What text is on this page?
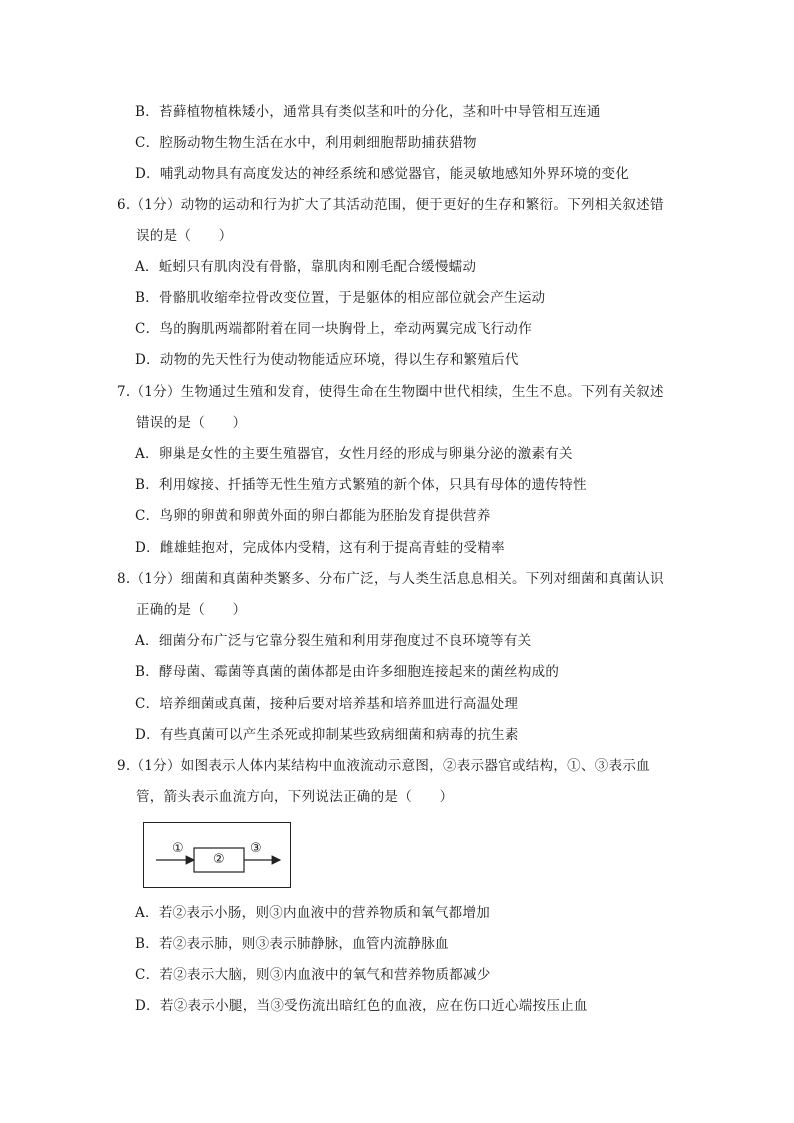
B．苔藓植物植株矮小，通常具有类似茎和叶的分化，茎和叶中导管相互连通
C．腔肠动物生物生活在水中，利用刺细胞帮助捕获猎物
D．哺乳动物具有高度发达的神经系统和感觉器官，能灵敏地感知外界环境的变化
6.（1分）动物的运动和行为扩大了其活动范围，便于更好的生存和繁衍。下列相关叙述错
误的是（　　）
A．蚯蚓只有肌肉没有骨骼，靠肌肉和刚毛配合缓慢蠕动
B．骨骼肌收缩牵拉骨改变位置，于是躯体的相应部位就会产生运动
C．鸟的胸肌两端都附着在同一块胸骨上，牵动两翼完成飞行动作
D．动物的先天性行为使动物能适应环境，得以生存和繁殖后代
7.（1分）生物通过生殖和发育，使得生命在生物圈中世代相续，生生不息。下列有关叙述
错误的是（　　）
A．卵巢是女性的主要生殖器官，女性月经的形成与卵巢分泌的激素有关
B．利用嫁接、扦插等无性生殖方式繁殖的新个体，只具有母体的遗传特性
C．鸟卵的卵黄和卵黄外面的卵白都能为胚胎发育提供营养
D．雌雄蛙抱对，完成体内受精，这有利于提高青蛙的受精率
8.（1分）细菌和真菌种类繁多、分布广泛，与人类生活息息相关。下列对细菌和真菌认识
正确的是（　　）
A．细菌分布广泛与它靠分裂生殖和利用芽孢度过不良环境等有关
B．酵母菌、霉菌等真菌的菌体都是由许多细胞连接起来的菌丝构成的
C．培养细菌或真菌，接种后要对培养基和培养皿进行高温处理
D．有些真菌可以产生杀死或抑制某些致病细菌和病毒的抗生素
9.（1分）如图表示人体内某结构中血液流动示意图，②表示器官或结构，①、③表示血
管，箭头表示血流方向，下列说法正确的是（　　）
①
②
③
A．若②表示小肠，则③内血液中的营养物质和氧气都增加
B．若②表示肺，则③表示肺静脉，血管内流静脉血
C．若②表示大脑，则③内血液中的氧气和营养物质都减少
D．若②表示小腿，当③受伤流出暗红色的血液，应在伤口近心端按压止血
